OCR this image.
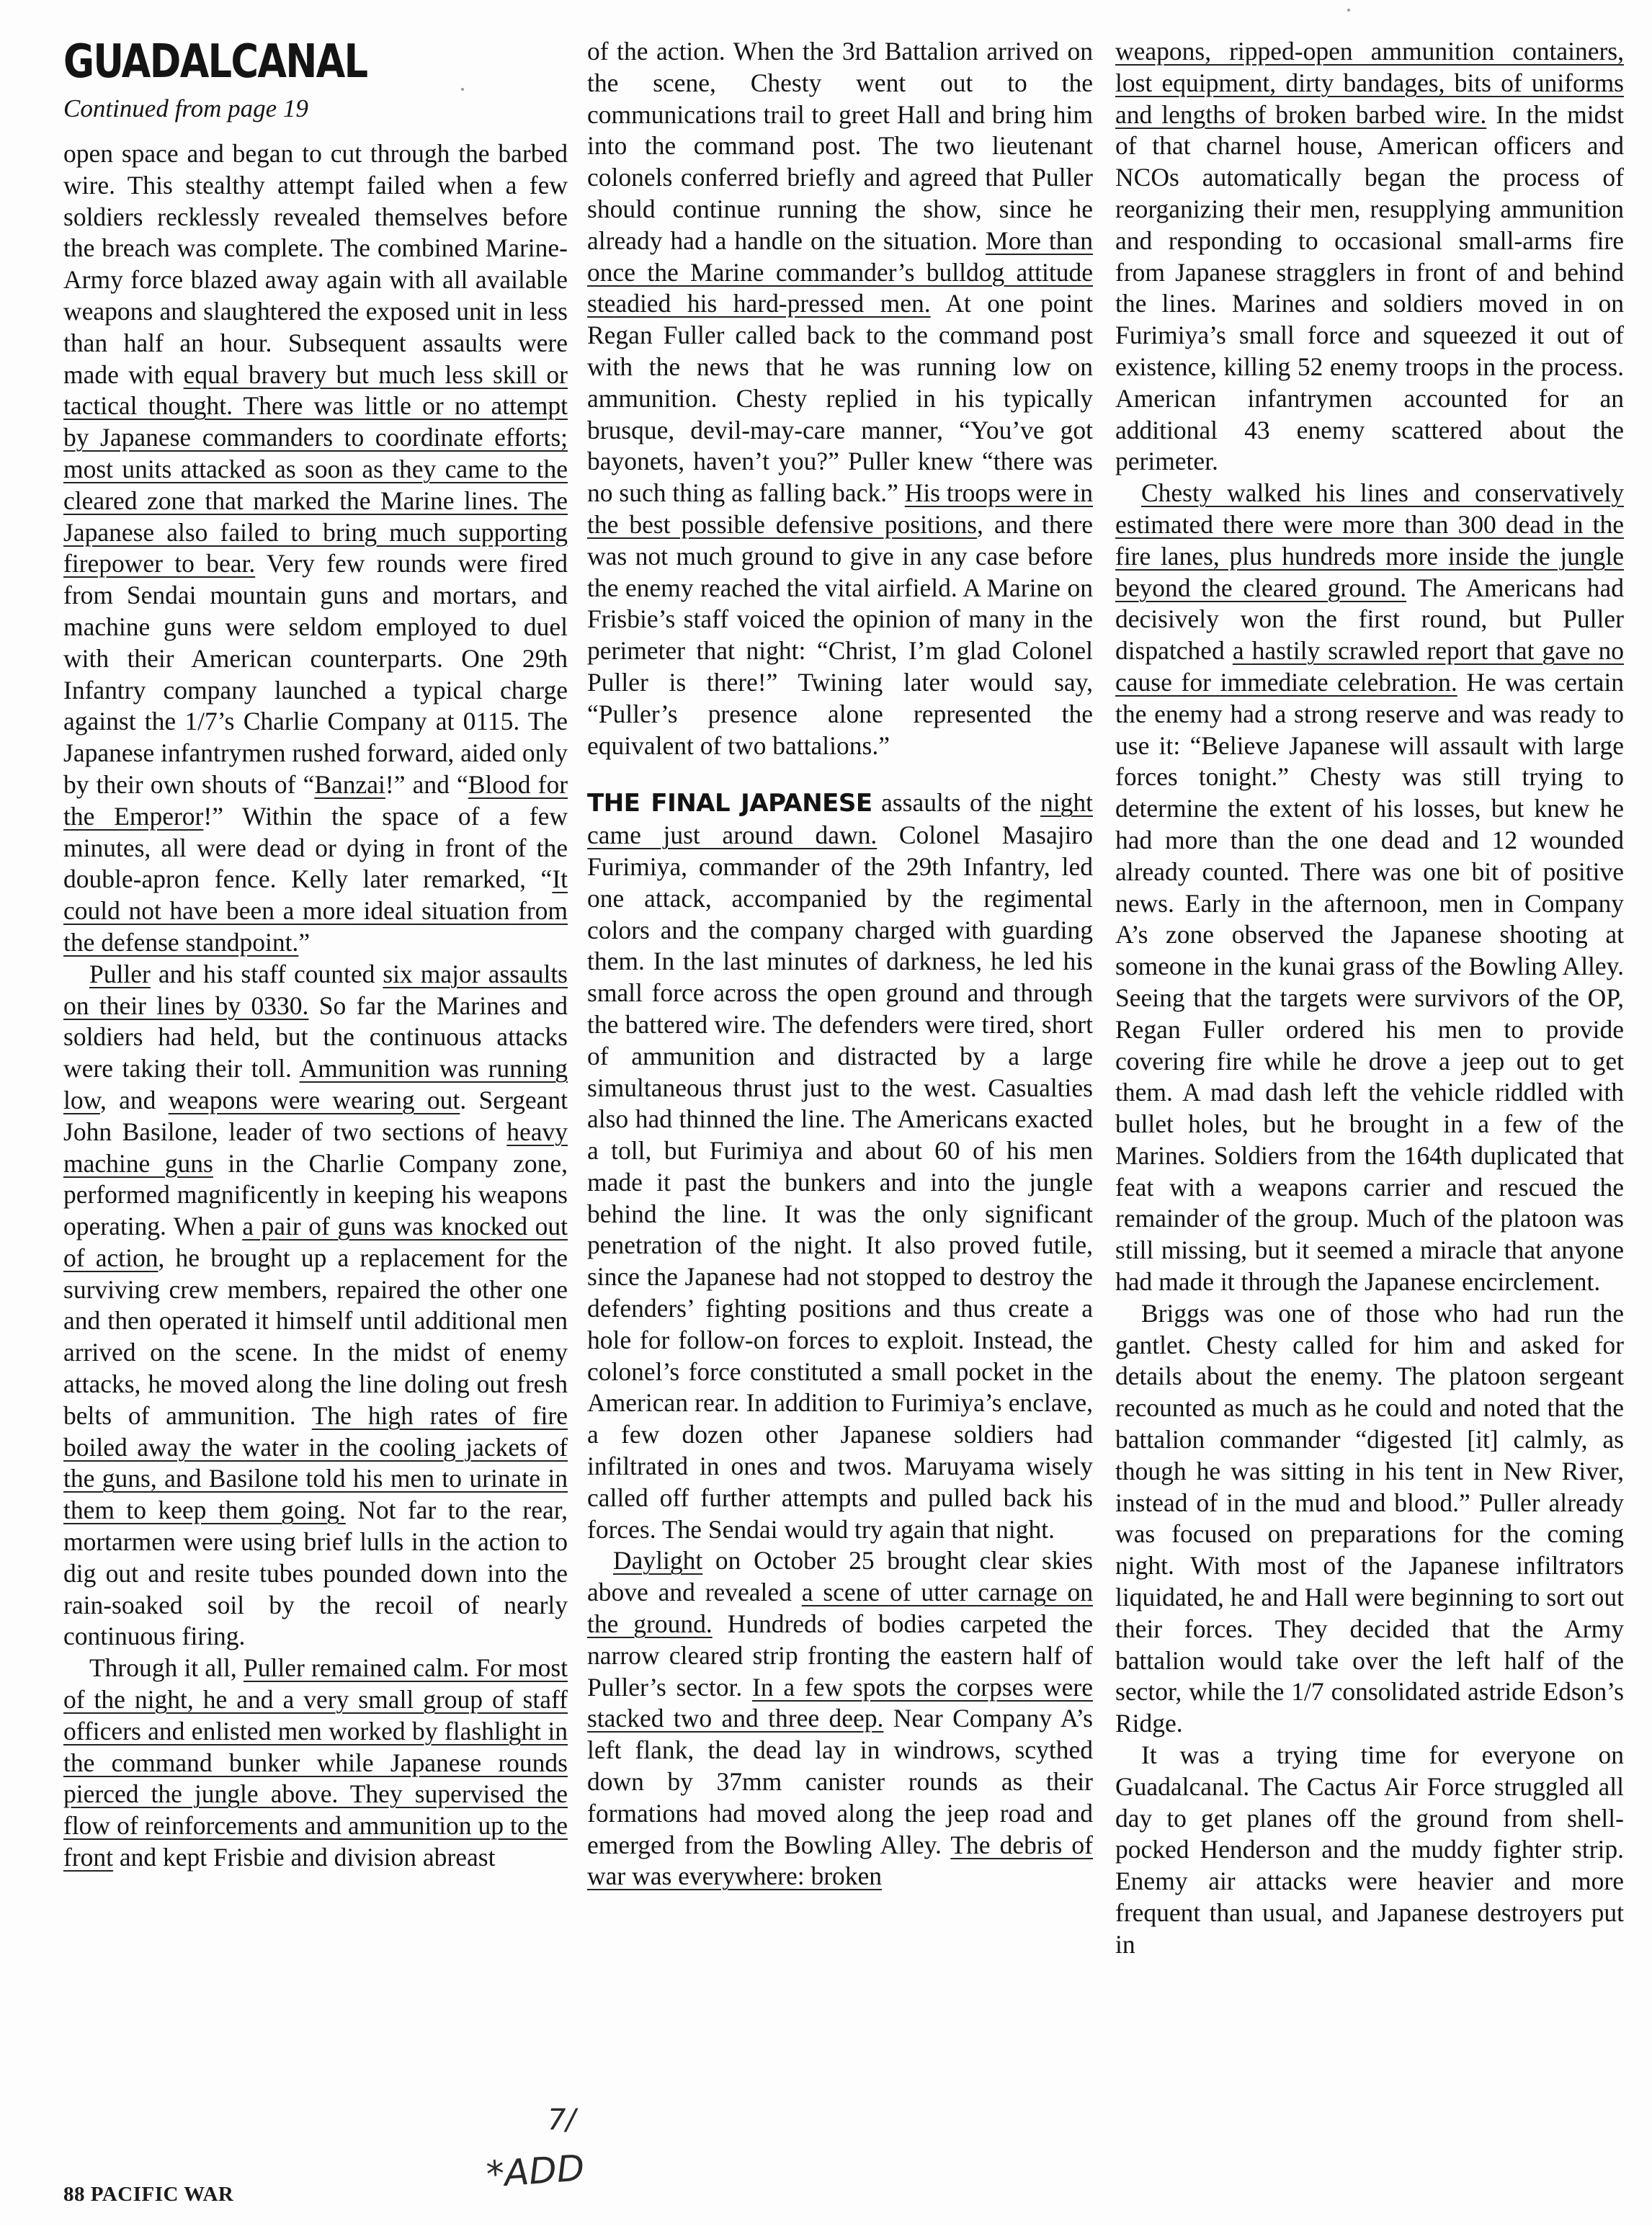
GUADALCANAL
Continued from page 19

open space and began to cut through the barbed wire. This stealthy attempt failed when a few soldiers recklessly revealed themselves before the breach was complete. The combined Marine-Army force blazed away again with all available weapons and slaughtered the exposed unit in less than half an hour. Subsequent assaults were made with equal bravery but much less skill or tactical thought. There was little or no attempt by Japanese commanders to coordinate efforts; most units attacked as soon as they came to the cleared zone that marked the Marine lines. The Japanese also failed to bring much supporting firepower to bear. Very few rounds were fired from Sendai mountain guns and mortars, and machine guns were seldom employed to duel with their American counterparts. One 29th Infantry company launched a typical charge against the 1/7’s Charlie Company at 0115. The Japanese infantrymen rushed forward, aided only by their own shouts of “Banzai!” and “Blood for the Emperor!” Within the space of a few minutes, all were dead or dying in front of the double-apron fence. Kelly later remarked, “It could not have been a more ideal situation from the defense standpoint.”

Puller and his staff counted six major assaults on their lines by 0330. So far the Marines and soldiers had held, but the continuous attacks were taking their toll. Ammunition was running low, and weapons were wearing out. Sergeant John Basilone, leader of two sections of heavy machine guns in the Charlie Company zone, performed magnificently in keeping his weapons operating. When a pair of guns was knocked out of action, he brought up a replacement for the surviving crew members, repaired the other one and then operated it himself until additional men arrived on the scene. In the midst of enemy attacks, he moved along the line doling out fresh belts of ammunition. The high rates of fire boiled away the water in the cooling jackets of the guns, and Basilone told his men to urinate in them to keep them going. Not far to the rear, mortarmen were using brief lulls in the action to dig out and resite tubes pounded down into the rain-soaked soil by the recoil of nearly continuous firing.

Through it all, Puller remained calm. For most of the night, he and a very small group of staff officers and enlisted men worked by flashlight in the command bunker while Japanese rounds pierced the jungle above. They supervised the flow of reinforcements and ammunition up to the front and kept Frisbie and division abreast

of the action. When the 3rd Battalion arrived on the scene, Chesty went out to the communications trail to greet Hall and bring him into the command post. The two lieutenant colonels conferred briefly and agreed that Puller should continue running the show, since he already had a handle on the situation. More than once the Marine commander’s bulldog attitude steadied his hard-pressed men. At one point Regan Fuller called back to the command post with the news that he was running low on ammunition. Chesty replied in his typically brusque, devil-may-care manner, “You’ve got bayonets, haven’t you?” Puller knew “there was no such thing as falling back.” His troops were in the best possible defensive positions, and there was not much ground to give in any case before the enemy reached the vital airfield. A Marine on Frisbie’s staff voiced the opinion of many in the perimeter that night: “Christ, I’m glad Colonel Puller is there!” Twining later would say, “Puller’s presence alone represented the equivalent of two battalions.”

THE FINAL JAPANESE assaults of the night came just around dawn. Colonel Masajiro Furimiya, commander of the 29th Infantry, led one attack, accompanied by the regimental colors and the company charged with guarding them. In the last minutes of darkness, he led his small force across the open ground and through the battered wire. The defenders were tired, short of ammunition and distracted by a large simultaneous thrust just to the west. Casualties also had thinned the line. The Americans exacted a toll, but Furimiya and about 60 of his men made it past the bunkers and into the jungle behind the line. It was the only significant penetration of the night. It also proved futile, since the Japanese had not stopped to destroy the defenders’ fighting positions and thus create a hole for follow-on forces to exploit. Instead, the colonel’s force constituted a small pocket in the American rear. In addition to Furimiya’s enclave, a few dozen other Japanese soldiers had infiltrated in ones and twos. Maruyama wisely called off further attempts and pulled back his forces. The Sendai would try again that night.

Daylight on October 25 brought clear skies above and revealed a scene of utter carnage on the ground. Hundreds of bodies carpeted the narrow cleared strip fronting the eastern half of Puller’s sector. In a few spots the corpses were stacked two and three deep. Near Company A’s left flank, the dead lay in windrows, scythed down by 37mm canister rounds as their formations had moved along the jeep road and emerged from the Bowling Alley. The debris of war was everywhere: broken

weapons, ripped-open ammunition containers, lost equipment, dirty bandages, bits of uniforms and lengths of broken barbed wire. In the midst of that charnel house, American officers and NCOs automatically began the process of reorganizing their men, resupplying ammunition and responding to occasional small-arms fire from Japanese stragglers in front of and behind the lines. Marines and soldiers moved in on Furimiya’s small force and squeezed it out of existence, killing 52 enemy troops in the process. American infantrymen accounted for an additional 43 enemy scattered about the perimeter.

Chesty walked his lines and conservatively estimated there were more than 300 dead in the fire lanes, plus hundreds more inside the jungle beyond the cleared ground. The Americans had decisively won the first round, but Puller dispatched a hastily scrawled report that gave no cause for immediate celebration. He was certain the enemy had a strong reserve and was ready to use it: “Believe Japanese will assault with large forces tonight.” Chesty was still trying to determine the extent of his losses, but knew he had more than the one dead and 12 wounded already counted. There was one bit of positive news. Early in the afternoon, men in Company A’s zone observed the Japanese shooting at someone in the kunai grass of the Bowling Alley. Seeing that the targets were survivors of the OP, Regan Fuller ordered his men to provide covering fire while he drove a jeep out to get them. A mad dash left the vehicle riddled with bullet holes, but he brought in a few of the Marines. Soldiers from the 164th duplicated that feat with a weapons carrier and rescued the remainder of the group. Much of the platoon was still missing, but it seemed a miracle that anyone had made it through the Japanese encirclement.

Briggs was one of those who had run the gantlet. Chesty called for him and asked for details about the enemy. The platoon sergeant recounted as much as he could and noted that the battalion commander “digested [it] calmly, as though he was sitting in his tent in New River, instead of in the mud and blood.” Puller already was focused on preparations for the coming night. With most of the Japanese infiltrators liquidated, he and Hall were beginning to sort out their forces. They decided that the Army battalion would take over the left half of the sector, while the 1/7 consolidated astride Edson’s Ridge.

It was a trying time for everyone on Guadalcanal. The Cactus Air Force struggled all day to get planes off the ground from shell-pocked Henderson and the muddy fighter strip. Enemy air attacks were heavier and more frequent than usual, and Japanese destroyers put in

88 PACIFIC WAR	*ADD
7/
